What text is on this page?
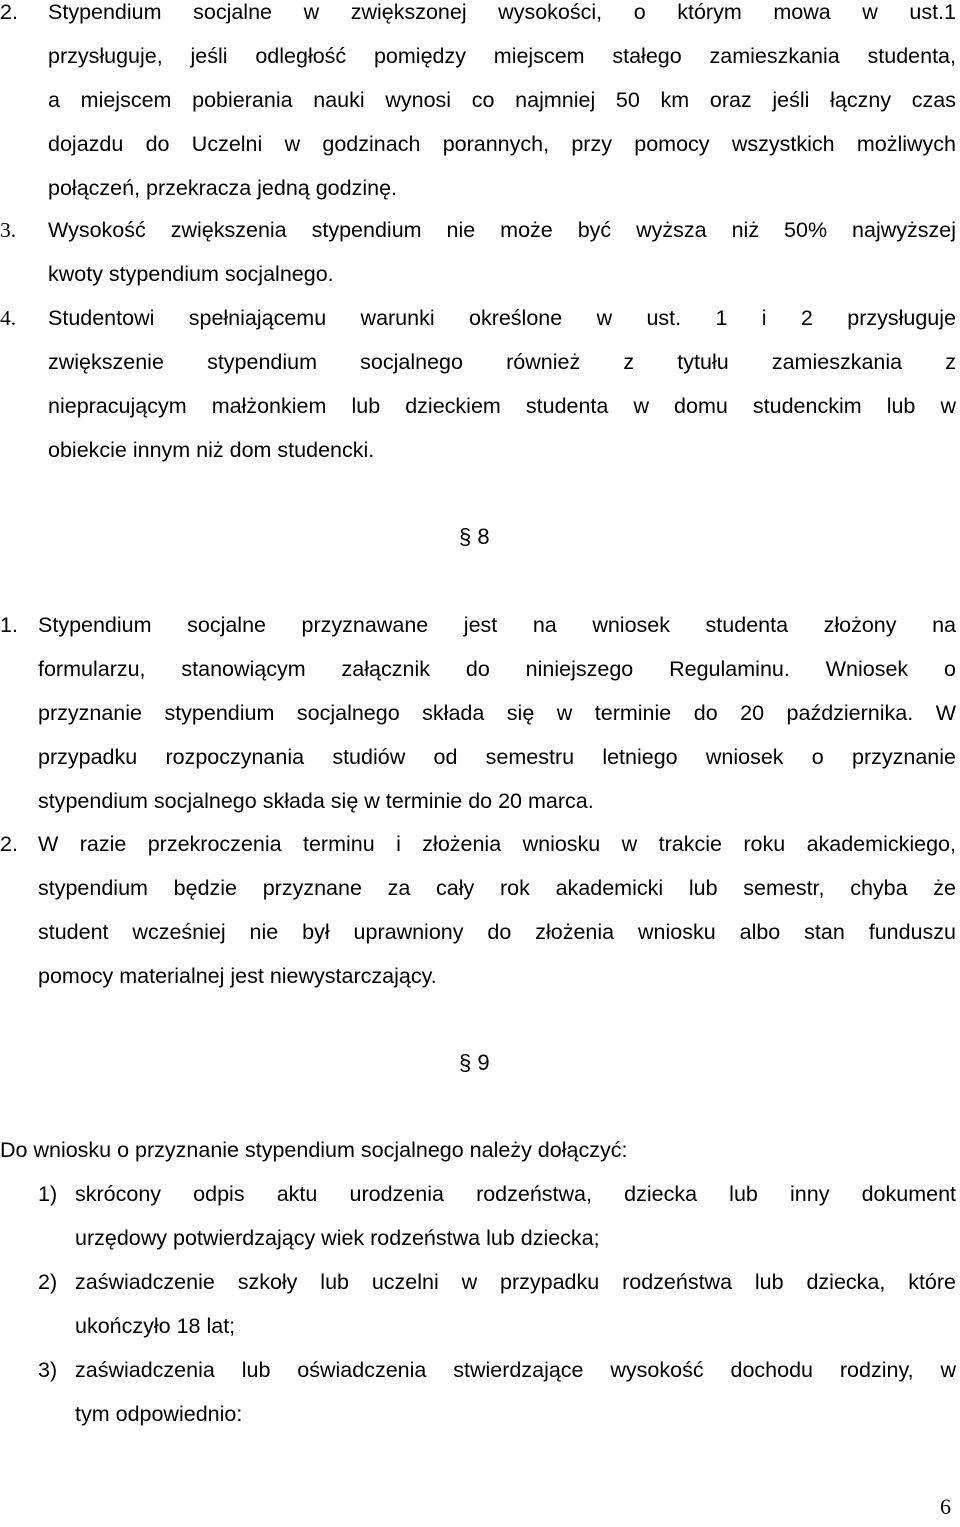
2. Stypendium socjalne w zwiększonej wysokości, o którym mowa w ust.1
przysługuje, jeśli odległość pomiędzy miejscem stałego zamieszkania studenta,
a miejscem pobierania nauki wynosi co najmniej 50 km oraz jeśli łączny czas
dojazdu do Uczelni w godzinach porannych, przy pomocy wszystkich możliwych
połączeń, przekracza jedną godzinę.
3. Wysokość zwiększenia stypendium nie może być wyższa niż 50% najwyższej
kwoty stypendium socjalnego.
4. Studentowi spełniającemu warunki określone w ust. 1 i 2 przysługuje
zwiększenie stypendium socjalnego również z tytułu zamieszkania z
niepracującym małżonkiem lub dzieckiem studenta w domu studenckim lub w
obiekcie innym niż dom studencki.
§ 8
1. Stypendium socjalne przyznawane jest na wniosek studenta złożony na
formularzu, stanowiącym załącznik do niniejszego Regulaminu. Wniosek o
przyznanie stypendium socjalnego składa się w terminie do 20 października. W
przypadku rozpoczynania studiów od semestru letniego wniosek o przyznanie
stypendium socjalnego składa się w terminie do 20 marca.
2. W razie przekroczenia terminu i złożenia wniosku w trakcie roku akademickiego,
stypendium będzie przyznane za cały rok akademicki lub semestr, chyba że
student wcześniej nie był uprawniony do złożenia wniosku albo stan funduszu
pomocy materialnej jest niewystarczający.
§ 9

Do wniosku o przyznanie stypendium socjalnego należy dołączyć:

1) skrócony odpis aktu urodzenia rodzeństwa, dziecka lub inny dokument
urzędowy potwierdzający wiek rodzeństwa lub dziecka;
2) zaświadczenie szkoły lub uczelni w przypadku rodzeństwa lub dziecka, które
ukończyło 18 lat;
3) zaświadczenia lub oświadczenia stwierdzające wysokość dochodu rodziny, w
tym odpowiednio:
6
